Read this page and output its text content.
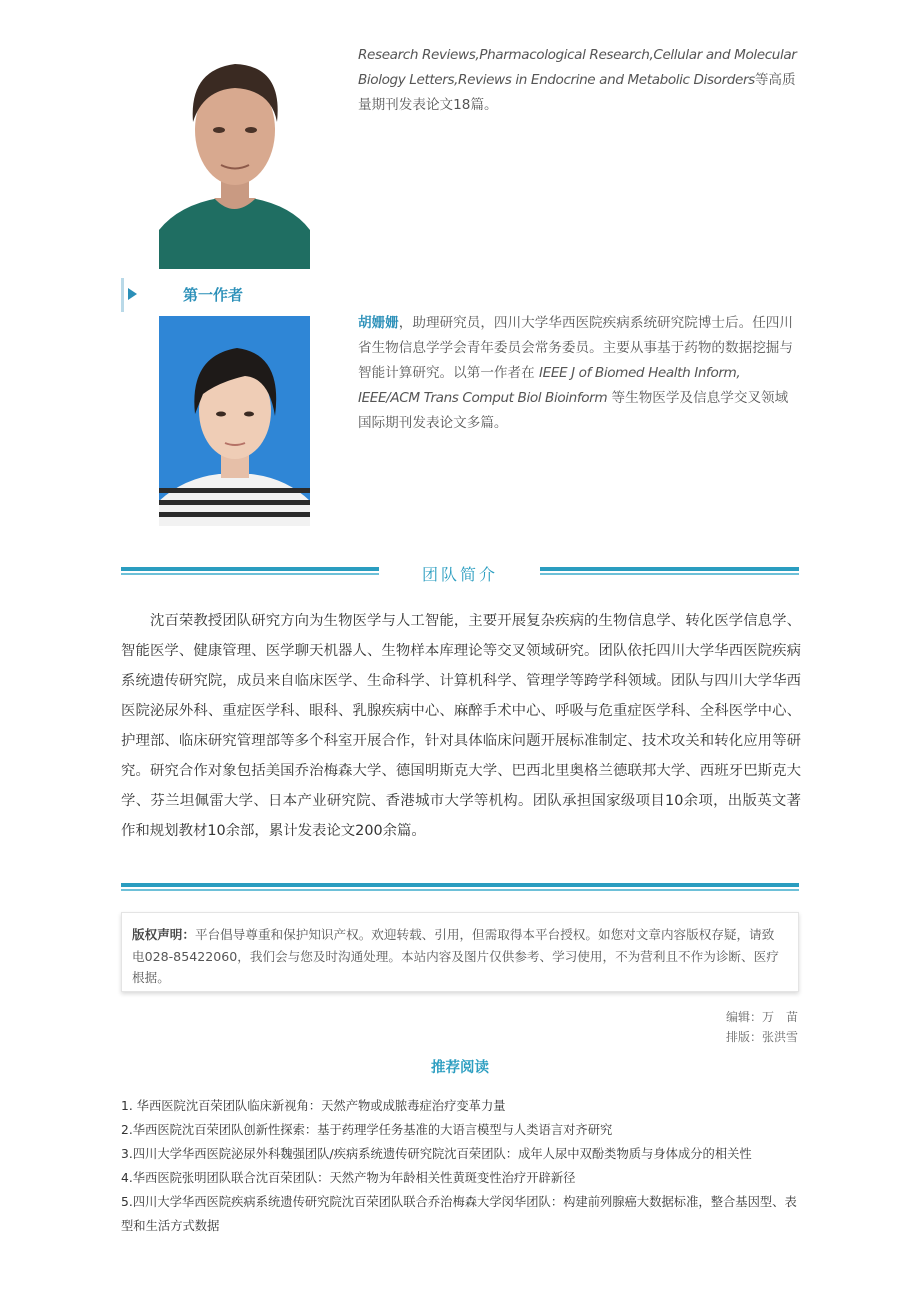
Research Reviews,Pharmacological Research,Cellular and Molecular Biology Letters,Reviews in Endocrine and Metabolic Disorders等高质量期刊发表论文18篇。
第一作者
胡姗姗，助理研究员，四川大学华西医院疾病系统研究院博士后。任四川省生物信息学学会青年委员会常务委员。主要从事基于药物的数据挖掘与智能计算研究。以第一作者在 IEEE J of Biomed Health Inform, IEEE/ACM Trans Comput Biol Bioinform 等生物医学及信息学交叉领域国际期刊发表论文多篇。
团队简介

沈百荣教授团队研究方向为生物医学与人工智能，主要开展复杂疾病的生物信息学、转化医学信息学、智能医学、健康管理、医学聊天机器人、生物样本库理论等交叉领域研究。团队依托四川大学华西医院疾病系统遗传研究院，成员来自临床医学、生命科学、计算机科学、管理学等跨学科领域。团队与四川大学华西医院泌尿外科、重症医学科、眼科、乳腺疾病中心、麻醉手术中心、呼吸与危重症医学科、全科医学中心、护理部、临床研究管理部等多个科室开展合作，针对具体临床问题开展标准制定、技术攻关和转化应用等研究。研究合作对象包括美国乔治梅森大学、德国明斯克大学、巴西北里奥格兰德联邦大学、西班牙巴斯克大学、芬兰坦佩雷大学、日本产业研究院、香港城市大学等机构。团队承担国家级项目10余项，出版英文著作和规划教材10余部，累计发表论文200余篇。

版权声明：平台倡导尊重和保护知识产权。欢迎转载、引用，但需取得本平台授权。如您对文章内容版权存疑，请致电028-85422060，我们会与您及时沟通处理。本站内容及图片仅供参考、学习使用，不为营利且不作为诊断、医疗根据。
编辑：万　苗
排版：张洪雪
推荐阅读
1. 华西医院沈百荣团队临床新视角：天然产物或成脓毒症治疗变革力量
2.华西医院沈百荣团队创新性探索：基于药理学任务基准的大语言模型与人类语言对齐研究
3.四川大学华西医院泌尿外科魏强团队/疾病系统遗传研究院沈百荣团队：成年人尿中双酚类物质与身体成分的相关性
4.华西医院张明团队联合沈百荣团队：天然产物为年龄相关性黄斑变性治疗开辟新径
5.四川大学华西医院疾病系统遗传研究院沈百荣团队联合乔治梅森大学闵华团队：构建前列腺癌大数据标准，整合基因型、表型和生活方式数据
